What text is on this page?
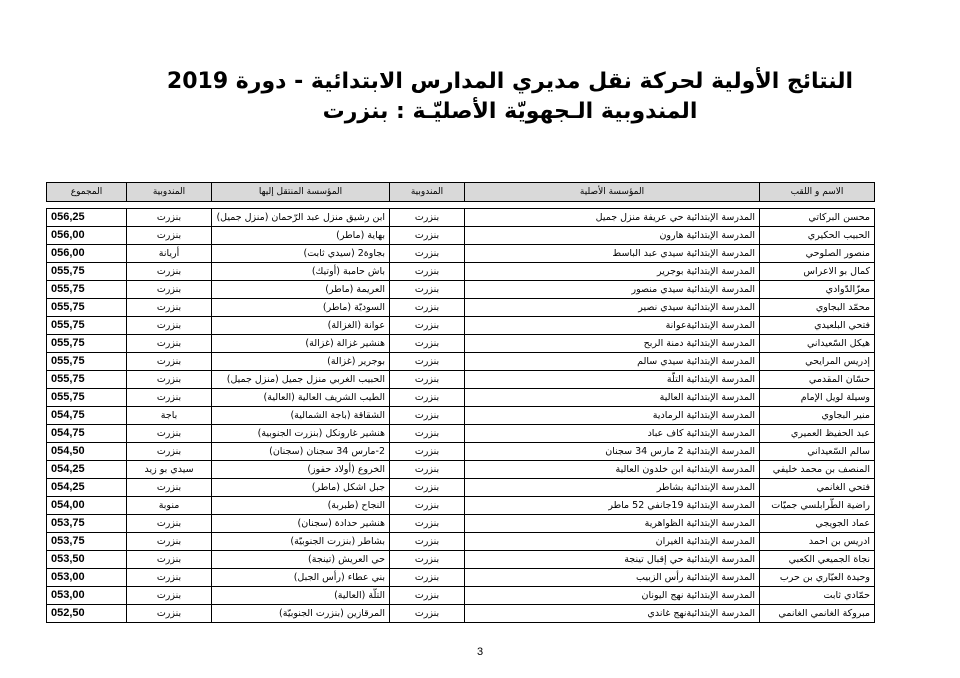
النتائج الأولية لحركة نقل مديري المدارس الابتدائية - دورة 2019
المندوبية الـجهويّة الأصليّـة : بنزرت
الاسم و اللقب	المؤسسة الأصلية	المندوبية	المؤسسة المنتقل إليها	المندوبية	المجموع

محسن البركاتي	المدرسة الإبتدائية حي عريفة منزل جميل	بنزرت	ابن رشيق منزل عبد الرّحمان (منزل جميل)	بنزرت	056,25
الحبيب الحكيري	المدرسة الإبتدائية هارون	بنزرت	بهاية (ماطر)	بنزرت	056,00
منصور الصلوحي	المدرسة الإبتدائية سيدي عبد الباسط	بنزرت	بجاوة2 (سيدي ثابت)	أريانة	056,00
كمال بو الاعراس	المدرسة الإبتدائية بوجرير	بنزرت	باش حامبة (أوتيك)	بنزرت	055,75
معزّالدّوادي	المدرسة الإبتدائية سيدي منصور	بنزرت	العريمة (ماطر)	بنزرت	055,75
محمّد البجاوي	المدرسة الإبتدائية سيدي نصير	بنزرت	السوديّة (ماطر)	بنزرت	055,75
فتحي البلعيدي	المدرسة الإبتدائيةعوانة	بنزرت	عوانة (الغزالة)	بنزرت	055,75
هيكل السّعيداني	المدرسة الإبتدائية دمنة الربح	بنزرت	هنشير غزالة (غزالة)	بنزرت	055,75
إدريس المرايحي	المدرسة الإبتدائية سيدي سالم	بنزرت	بوجرير (غزالة)	بنزرت	055,75
حسّان المقدمي	المدرسة الإبتدائية التلّة	بنزرت	الحبيب الغربي منزل جميل (منزل جميل)	بنزرت	055,75
وسيلة لويل الإمام	المدرسة الإبتدائية العالية	بنزرت	الطيب الشريف العالية (العالية)	بنزرت	055,75
منير البجاوي	المدرسة الإبتدائية الرمادية	بنزرت	الشقاقة (باجة الشمالية)	باجة	054,75
عبد الحفيظ العميري	المدرسة الإبتدائية كاف عباد	بنزرت	هنشير غارونكل (بنزرت الجنوبية)	بنزرت	054,75
سالم السّعيداني	المدرسة الإبتدائية 2 مارس 34 سجنان	بنزرت	2-مارس 34 سجنان (سجنان)	بنزرت	054,50
المنصف بن محمد خليفي	المدرسة الإبتدائية ابن خلدون العالية	بنزرت	الخروع (أولاد حفوز)	سيدي بو زيد	054,25
فتحي الغانمي	المدرسة الإبتدائية بشاطر	بنزرت	جبل اشكل (ماطر)	بنزرت	054,25
راضية الطّرابلسي جميّات	المدرسة الإبتدائية 19جانفي 52 ماطر	بنزرت	النجاح (طبربة)	منوبة	054,00
عماد الجويجي	المدرسة الإبتدائية الظواهرية	بنزرت	هنشير حدادة (سجنان)	بنزرت	053,75
ادريس بن احمد	المدرسة الإبتدائية الغيران	بنزرت	بشاطر (بنزرت الجنوبيّة)	بنزرت	053,75
نجاة الجميعي الكعبي	المدرسة الإبتدائية حي إقبال تينجة	بنزرت	حي العريش (تينجة)	بنزرت	053,50
وحيدة العيّاري بن حرب	المدرسة الإبتدائية رأس الزبيب	بنزرت	بني عطاء (رأس الجبل)	بنزرت	053,00
حمّادي ثابت	المدرسة الإبتدائية نهج اليونان	بنزرت	التلّة (العالية)	بنزرت	053,00
مبروكة الغانمي الغانمي	المدرسة الإبتدائيةنهج غاندي	بنزرت	المرقازين (بنزرت الجنوبيّة)	بنزرت	052,50
3
